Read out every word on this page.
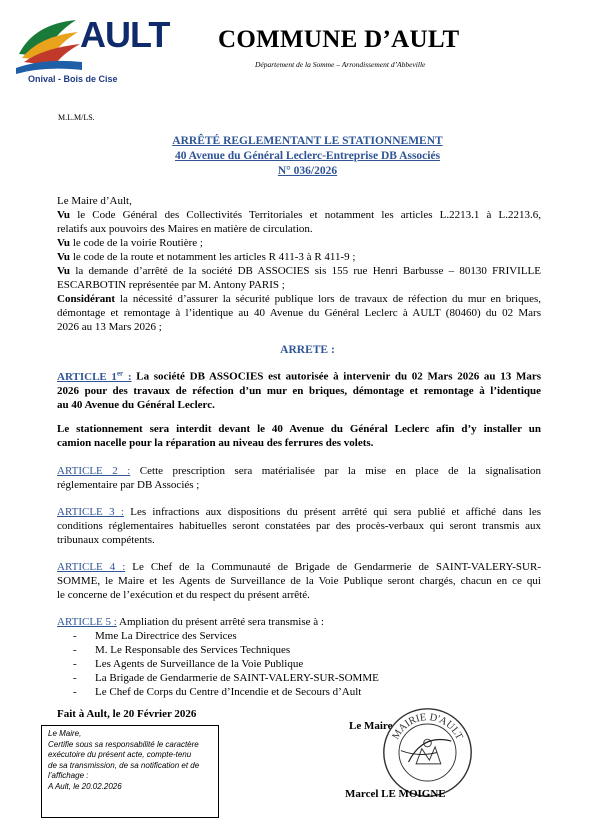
AULT
Onival - Bois de Cise
COMMUNE D’AULT
Département de la Somme – Arrondissement d’Abbeville
M.L.M/LS.
ARRÊTÉ REGLEMENTANT LE STATIONNEMENT
40 Avenue du Général Leclerc-Entreprise DB Associés
N° 036/2026
Le Maire d’Ault,
Vu le Code Général des Collectivités Territoriales et notamment les articles L.2213.1 à L.2213.6,
relatifs aux pouvoirs des Maires en matière de circulation.
Vu le code de la voirie Routière ;
Vu le code de la route et notamment les articles R 411-3 à R 411-9 ;
Vu la demande d’arrêté de la société DB ASSOCIES sis 155 rue Henri Barbusse – 80130 FRIVILLE
ESCARBOTIN représentée par M. Antony PARIS ;
Considérant la nécessité d’assurer la sécurité publique lors de travaux de réfection du mur en briques,
démontage et remontage à l’identique au 40 Avenue du Général Leclerc à AULT (80460) du 02 Mars
2026 au 13 Mars 2026 ;
ARRETE :
ARTICLE 1er : La société DB ASSOCIES est autorisée à intervenir du 02 Mars 2026 au 13 Mars
2026 pour des travaux de réfection d’un mur en briques, démontage et remontage à l’identique
au 40 Avenue du Général Leclerc.
Le stationnement sera interdit devant le 40 Avenue du Général Leclerc afin d’y installer un
camion nacelle pour la réparation au niveau des ferrures des volets.
ARTICLE 2 : Cette prescription sera matérialisée par la mise en place de la signalisation
réglementaire par DB Associés ;
ARTICLE 3 : Les infractions aux dispositions du présent arrêté qui sera publié et affiché dans les
conditions réglementaires habituelles seront constatées par des procès-verbaux qui seront transmis aux
tribunaux compétents.
ARTICLE 4 : Le Chef de la Communauté de Brigade de Gendarmerie de SAINT-VALERY-SUR-
SOMME, le Maire et les Agents de Surveillance de la Voie Publique seront chargés, chacun en ce qui
le concerne de l’exécution et du respect du présent arrêté.
ARTICLE 5 : Ampliation du présent arrêté sera transmise à :
- Mme La Directrice des Services
- M. Le Responsable des Services Techniques
- Les Agents de Surveillance de la Voie Publique
- La Brigade de Gendarmerie de SAINT-VALERY-SUR-SOMME
- Le Chef de Corps du Centre d’Incendie et de Secours d’Ault
Fait à Ault, le 20 Février 2026
Le Maire,
Certifie sous sa responsabilité le caractère
exécutoire du présent acte, compte-tenu
de sa transmission, de sa notification et de
l’affichage :
A Ault, le 20.02.2026
Le Maire
MAIRIE D'AULT
Marcel LE MOIGNE
